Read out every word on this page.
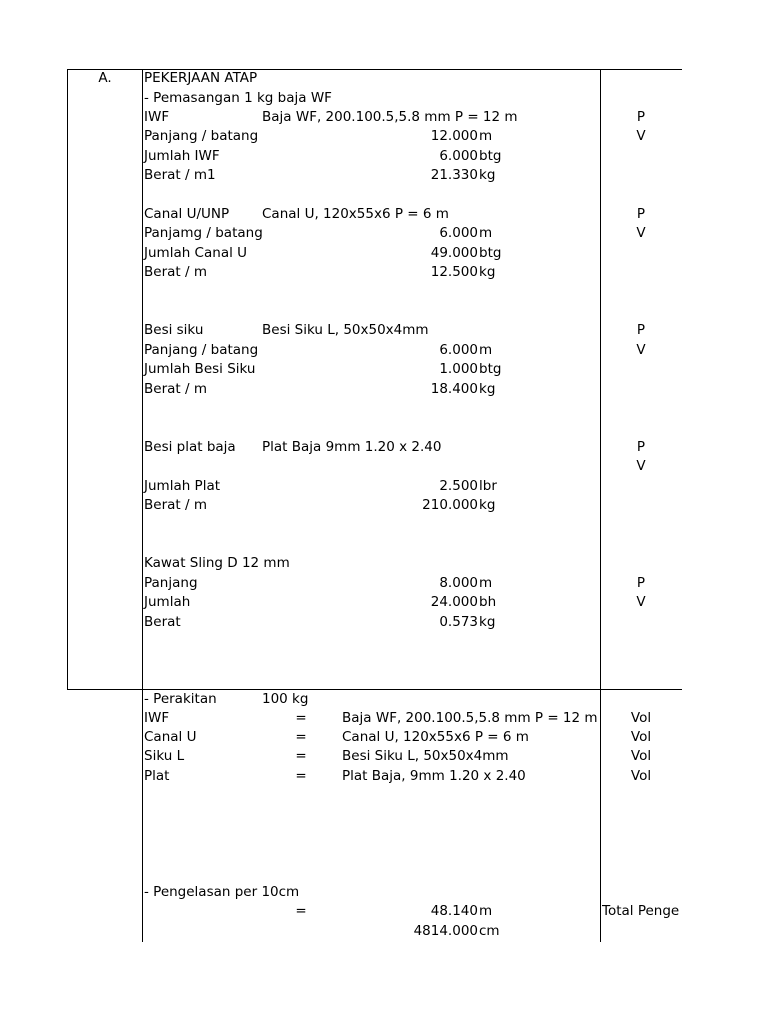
A.	PEKERJAAN ATAP
- Pemasangan 1 kg baja WF
IWF	Baja WF, 200.100.5,5.8 mm P = 12 m	P
Panjang / batang	12.000 m	V
Jumlah IWF	6.000 btg
Berat / m1	21.330 kg
Canal U/UNP Canal U, 120x55x6 P = 6 m	P
Panjamg / batang	6.000 m	V
Jumlah Canal U	49.000 btg
Berat / m	12.500 kg
Besi siku	Besi Siku L, 50x50x4mm	P
Panjang / batang	6.000 m	V
Jumlah Besi Siku	1.000 btg
Berat / m	18.400 kg
Besi plat baja Plat Baja 9mm 1.20 x 2.40	P
V
Jumlah Plat	2.500 lbr
Berat / m	210.000 kg
Kawat Sling D 12 mm
Panjang	8.000 m	P
Jumlah	24.000 bh	V
Berat	0.573 kg
- Perakitan	100 kg
IWF	=	Baja WF, 200.100.5,5.8 mm P = 12 m	Vol
Canal U	=	Canal U, 120x55x6 P = 6 m	Vol
Siku L	=	Besi Siku L, 50x50x4mm	Vol
Plat	=	Plat Baja, 9mm 1.20 x 2.40	Vol
- Pengelasan per 10cm
=	48.140 m	Total Penge
4814.000 cm
